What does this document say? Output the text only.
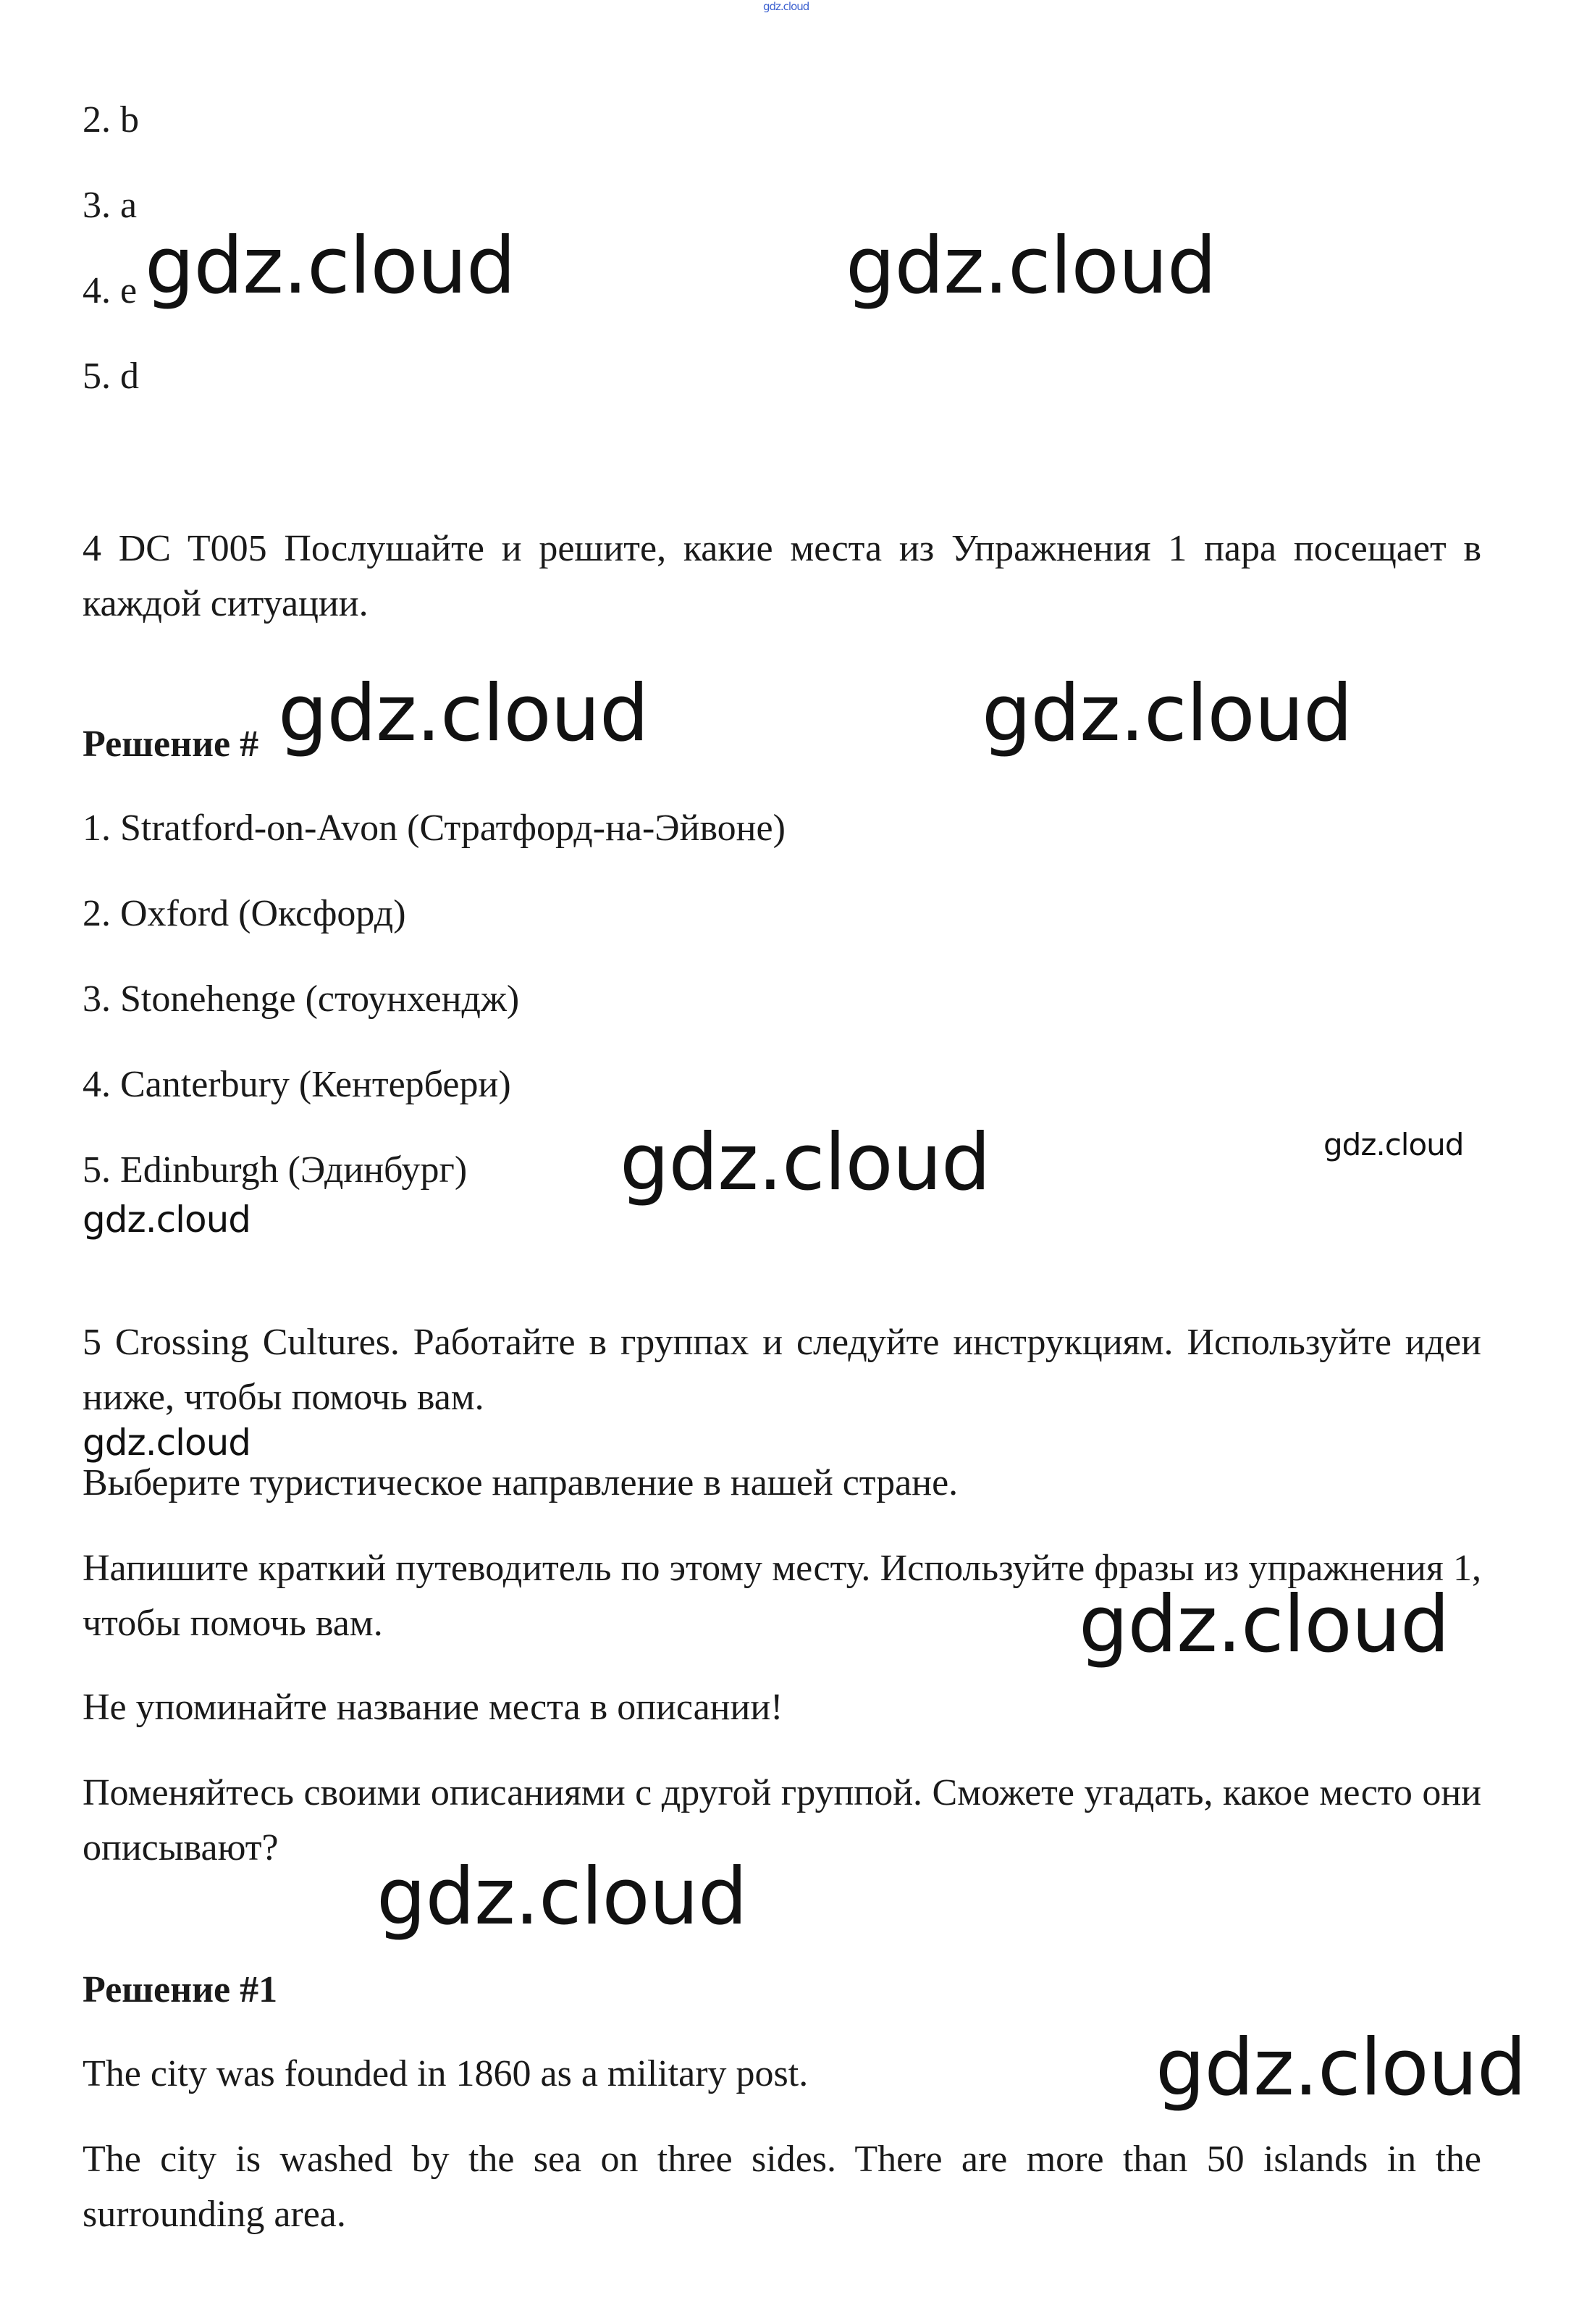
gdz.cloud
2. b
3. a
4. e
5. d
4 DC T005 Послушайте и решите, какие места из Упражнения 1 пара посещает в каждой ситуации.
Решение #
1. Stratford-on-Avon (Стратфорд-на-Эйвоне)
2. Oxford (Оксфорд)
3. Stonehenge (стоунхендж)
4. Canterbury (Кентербери)
5. Edinburgh (Эдинбург)
5 Crossing Cultures. Работайте в группах и следуйте инструкциям. Используйте идеи ниже, чтобы помочь вам.
Выберите туристическое направление в нашей стране.
Напишите краткий путеводитель по этому месту. Используйте фразы из упражнения 1, чтобы помочь вам.
Не упоминайте название места в описании!
Поменяйтесь своими описаниями с другой группой. Сможете угадать, какое место они описывают?
Решение #1
The city was founded in 1860 as a military post.
The city is washed by the sea on three sides. There are more than 50 islands in the surrounding area.
gdz.cloud	gdz.cloud
gdz.cloud	gdz.cloud
gdz.cloud	gdz.cloud
gdz.cloud
gdz.cloud
gdz.cloud
gdz.cloud
gdz.cloud
